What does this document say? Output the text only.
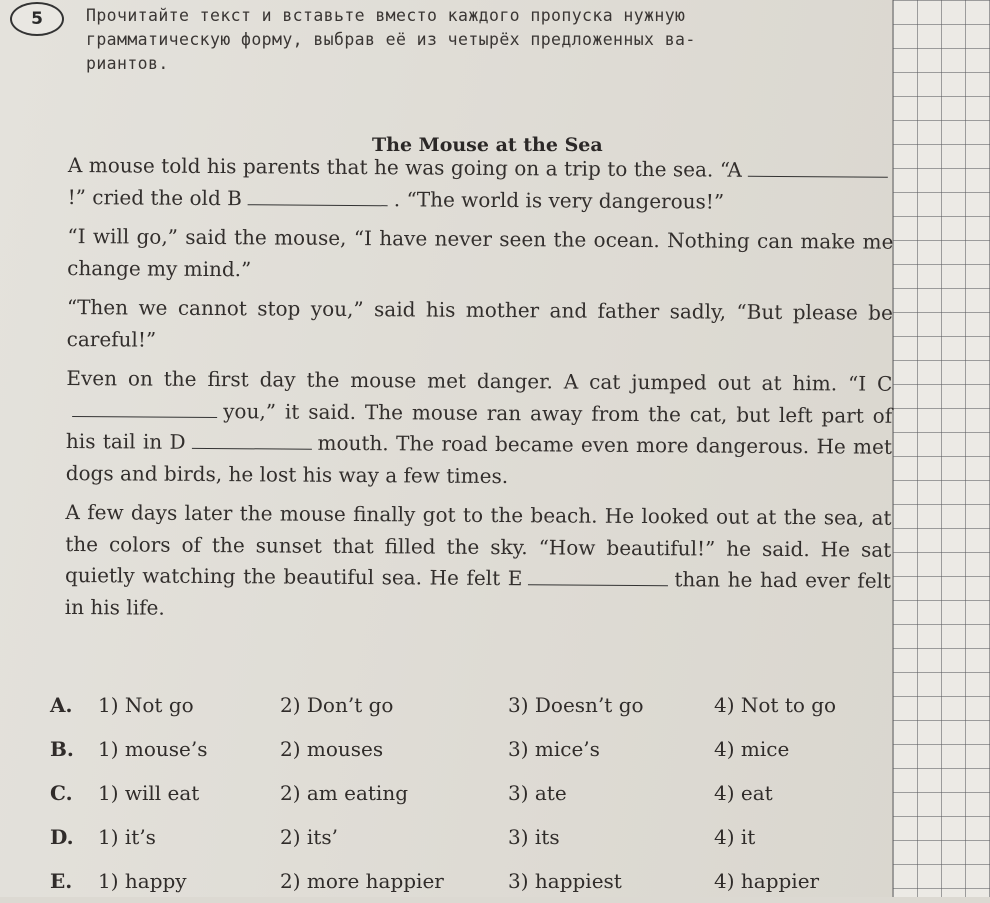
5	Прочитайте текст и вставьте вместо каждого пропуска нужную
грамматическую форму, выбрав её из четырёх предложенных ва-
риантов.
The Mouse at the Sea

A mouse told his parents that he was going on a trip to the sea. “A!” cried the old B	. “The world is very dangerous!”

“I will go,” said the mouse, “I have never seen the ocean. Nothing can make me change my mind.”

“Then we cannot stop you,” said his mother and father sadly, “But please be careful!”

Even on the first day the mouse met danger. A cat jumped out at him. “I Cyou,” it said. The mouse ran away from the cat, but left part of his tail in D	mouth. The road became even more dangerous. He met dogs and birds, he lost his way a few times.

A few days later the mouse finally got to the beach. He looked out at the sea, at the colors of the sunset that filled the sky. “How beautiful!” he said. He sat quietly watching the beautiful sea. He felt E	than he had ever felt in his life.

A.	1) Not go	2) Don’t go	3) Doesn’t go	4) Not to go
B.	1) mouse’s	2) mouses	3) mice’s	4) mice
C.	1) will eat	2) am eating	3) ate	4) eat
D.	1) it’s	2) its’	3) its	4) it
E.	1) happy	2) more happier	3) happiest	4) happier
